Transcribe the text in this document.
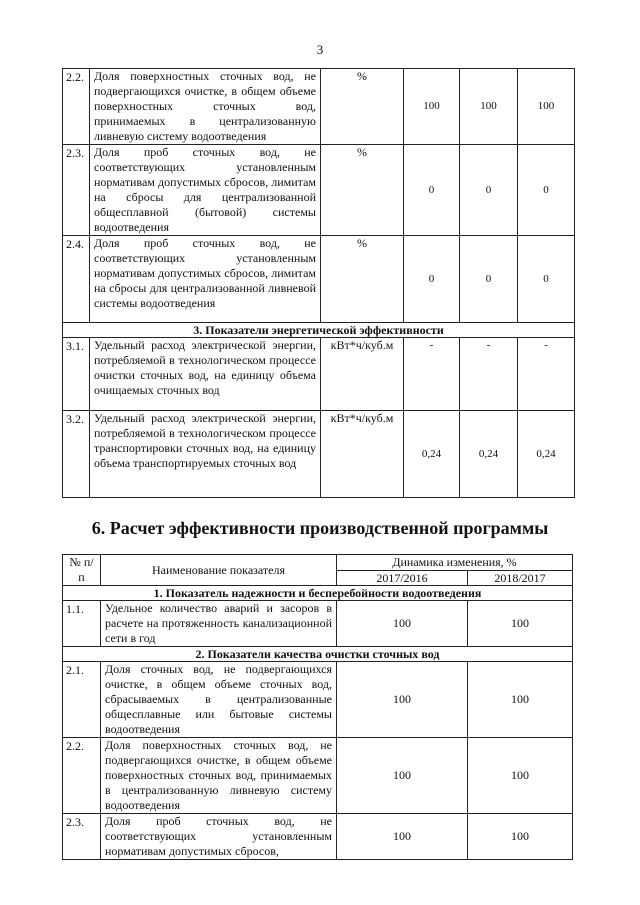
3
2.2.	Доля поверхностных сточных вод, не подвергающихся очистке, в общем объеме поверхностных сточных вод, принимаемых в централизованную ливневую систему водоотведения	%	100	100	100
2.3.	Доля проб сточных вод, не соответствующих установленным нормативам допустимых сбросов, лимитам на сбросы для централизованной общесплавной (бытовой) системы водоотведения	%	0	0	0
2.4.	Доля проб сточных вод, не соответствующих установленным нормативам допустимых сбросов, лимитам на сбросы для централизованной ливневой системы водоотведения	%	0	0	0
3. Показатели энергетической эффективности					
3.1.	Удельный расход электрической энергии, потребляемой в технологическом процессе очистки сточных вод, на единицу объема очищаемых сточных вод	кВт*ч/куб.м	-	-	-
3.2.	Удельный расход электрической энергии, потребляемой в технологическом процессе транспортировки сточных вод, на единицу объема транспортируемых сточных вод	кВт*ч/куб.м	0,24	0,24	0,24
6. Расчет эффективности производственной программы
№ п/п	Наименование показателя	Динамика изменения, %	
		2017/2016	2018/2017
1. Показатель надежности и бесперебойности водоотведения			
1.1.	Удельное количество аварий и засоров в расчете на протяженность канализационной сети в год	100	100
2. Показатели качества очистки сточных вод			
2.1.	Доля сточных вод, не подвергающихся очистке, в общем объеме сточных вод, сбрасываемых в централизованные общесплавные или бытовые системы водоотведения	100	100
2.2.	Доля поверхностных сточных вод, не подвергающихся очистке, в общем объеме поверхностных сточных вод, принимаемых в централизованную ливневую систему водоотведения	100	100
2.3.	Доля проб сточных вод, не соответствующих установленным нормативам допустимых сбросов,	100	100
